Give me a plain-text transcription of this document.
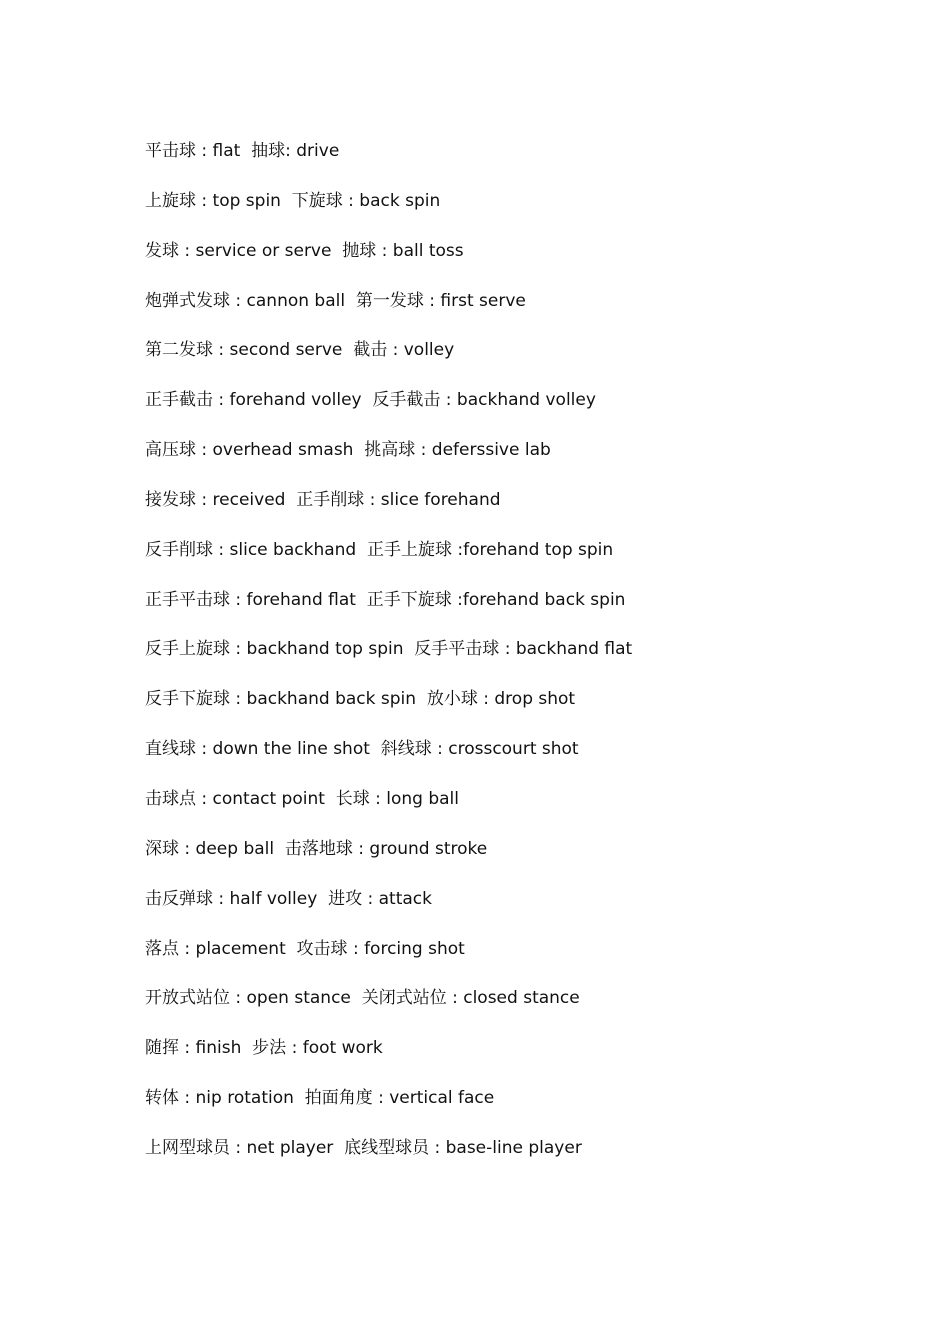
平击球 : flat  抽球: drive
上旋球 : top spin  下旋球 : back spin
发球 : service or serve  抛球 : ball toss
炮弹式发球 : cannon ball  第一发球 : first serve
第二发球 : second serve  截击 : volley
正手截击 : forehand volley  反手截击 : backhand volley
高压球 : overhead smash  挑高球 : deferssive lab
接发球 : received  正手削球 : slice forehand
反手削球 : slice backhand  正手上旋球 :forehand top spin
正手平击球 : forehand flat  正手下旋球 :forehand back spin
反手上旋球 : backhand top spin  反手平击球 : backhand flat
反手下旋球 : backhand back spin  放小球 : drop shot
直线球 : down the line shot  斜线球 : crosscourt shot
击球点 : contact point  长球 : long ball
深球 : deep ball  击落地球 : ground stroke
击反弹球 : half volley  进攻 : attack
落点 : placement  攻击球 : forcing shot
开放式站位 : open stance  关闭式站位 : closed stance
随挥 : finish  步法 : foot work
转体 : nip rotation  拍面角度 : vertical face
上网型球员 : net player  底线型球员 : base-line player
